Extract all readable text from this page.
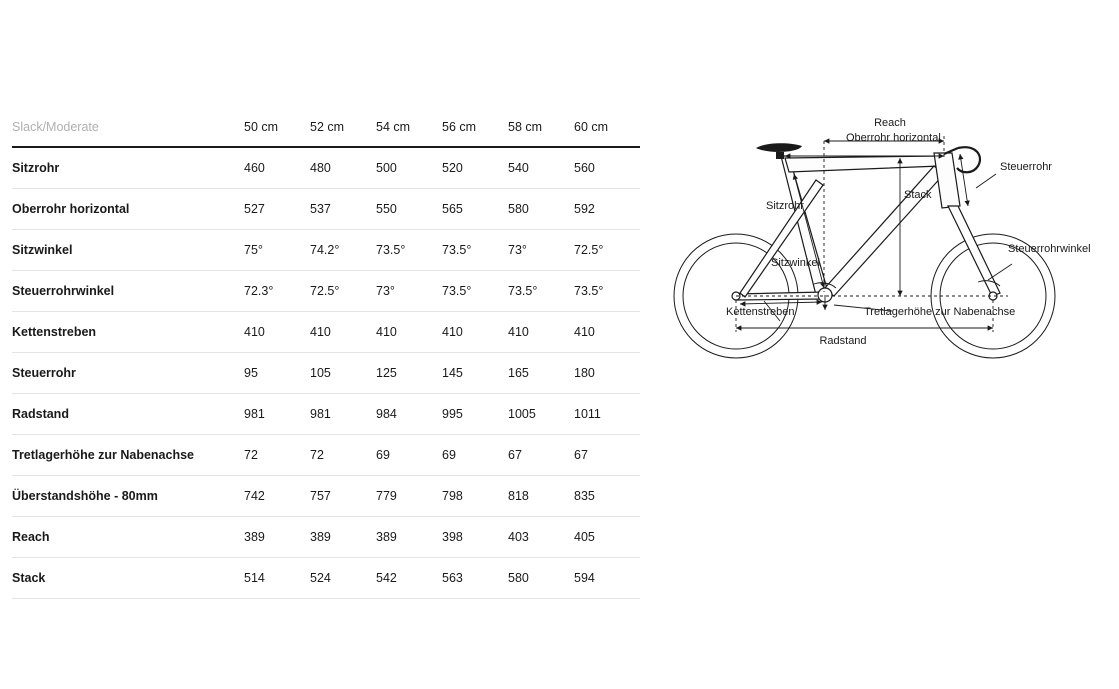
Slack/Moderate	50 cm	52 cm	54 cm	56 cm	58 cm	60 cm
Sitzrohr	460	480	500	520	540	560
Oberrohr horizontal	527	537	550	565	580	592
Sitzwinkel	75°	74.2°	73.5°	73.5°	73°	72.5°
Steuerrohrwinkel	72.3°	72.5°	73°	73.5°	73.5°	73.5°
Kettenstreben	410	410	410	410	410	410
Steuerrohr	95	105	125	145	165	180
Radstand	981	981	984	995	1005	1011
Tretlagerhöhe zur Nabenachse	72	72	69	69	67	67
Überstandshöhe - 80mm	742	757	779	798	818	835
Reach	389	389	389	398	403	405
Stack	514	524	542	563	580	594
Reach
Oberrohr horizontal
Steuerrohr
Stack
Sitzrohr
Sitzwinkel
Steuerrohrwinkel
Kettenstreben	Tretlagerhöhe zur Nabenachse
Radstand
